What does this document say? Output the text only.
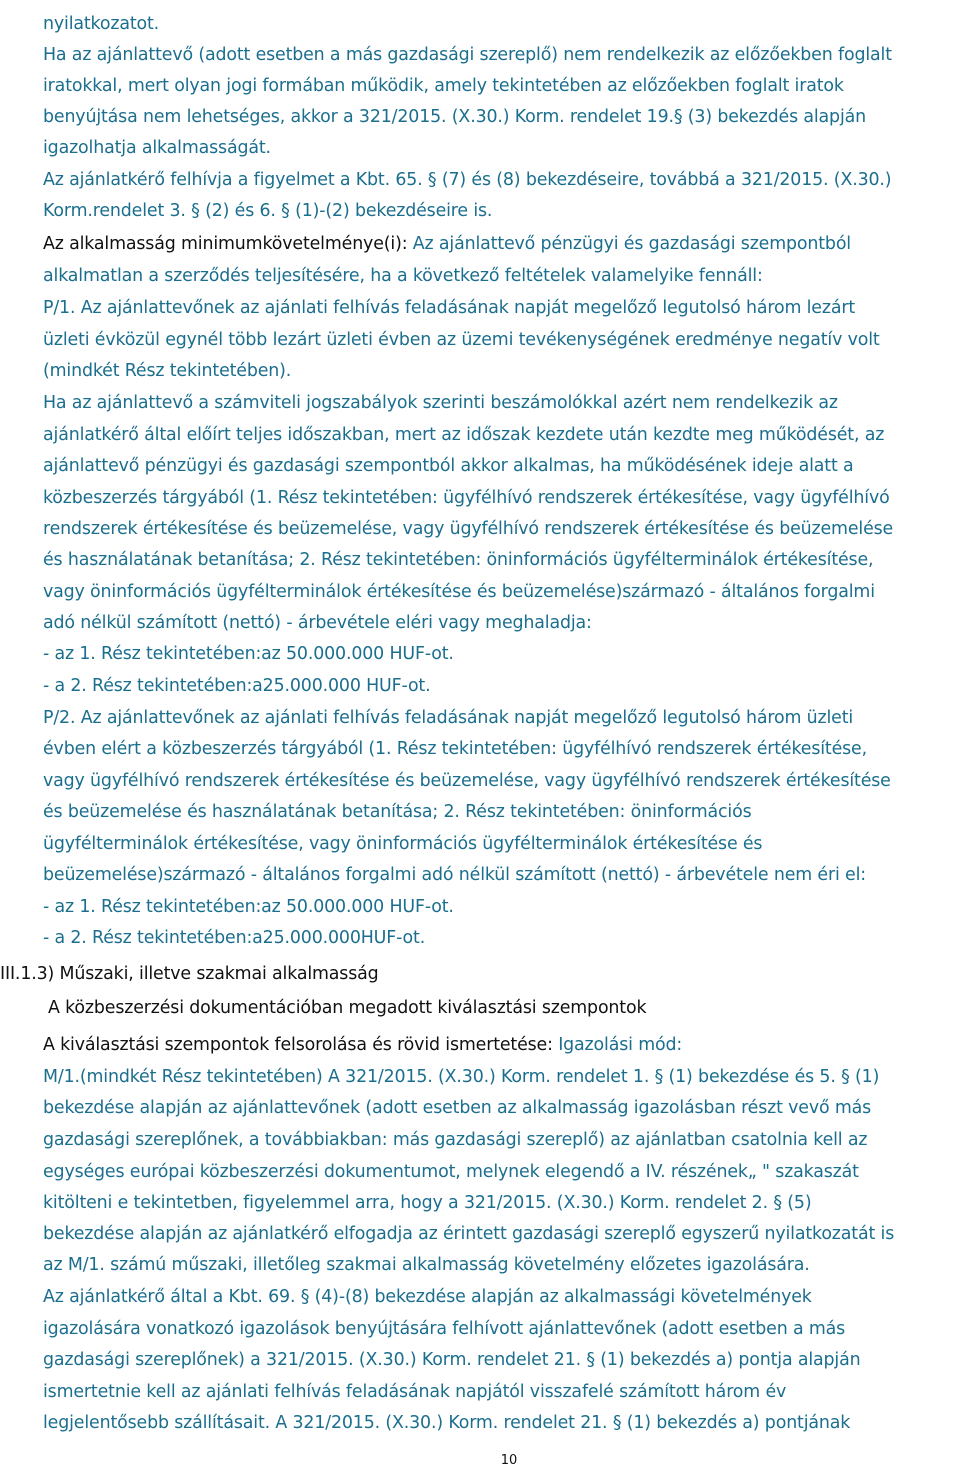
nyilatkozatot.
Ha az ajánlattevő (adott esetben a más gazdasági szereplő) nem rendelkezik az előzőekben foglalt
iratokkal, mert olyan jogi formában működik, amely tekintetében az előzőekben foglalt iratok
benyújtása nem lehetséges, akkor a 321/2015. (X.30.) Korm. rendelet 19.§ (3) bekezdés alapján
igazolhatja alkalmasságát.
Az ajánlatkérő felhívja a figyelmet a Kbt. 65. § (7) és (8) bekezdéseire, továbbá a 321/2015. (X.30.)
Korm.rendelet 3. § (2) és 6. § (1)-(2) bekezdéseire is.
Az alkalmasság minimumkövetelménye(i): Az ajánlattevő pénzügyi és gazdasági szempontból
alkalmatlan a szerződés teljesítésére, ha a következő feltételek valamelyike fennáll:
P/1. Az ajánlattevőnek az ajánlati felhívás feladásának napját megelőző legutolsó három lezárt
üzleti évközül egynél több lezárt üzleti évben az üzemi tevékenységének eredménye negatív volt
(mindkét Rész tekintetében).
Ha az ajánlattevő a számviteli jogszabályok szerinti beszámolókkal azért nem rendelkezik az
ajánlatkérő által előírt teljes időszakban, mert az időszak kezdete után kezdte meg működését, az
ajánlattevő pénzügyi és gazdasági szempontból akkor alkalmas, ha működésének ideje alatt a
közbeszerzés tárgyából (1. Rész tekintetében: ügyfélhívó rendszerek értékesítése, vagy ügyfélhívó
rendszerek értékesítése és beüzemelése, vagy ügyfélhívó rendszerek értékesítése és beüzemelése
és használatának betanítása; 2. Rész tekintetében: öninformációs ügyfélterminálok értékesítése,
vagy öninformációs ügyfélterminálok értékesítése és beüzemelése)származó - általános forgalmi
adó nélkül számított (nettó) - árbevétele eléri vagy meghaladja:
- az 1. Rész tekintetében:az 50.000.000 HUF-ot.
- a 2. Rész tekintetében:a25.000.000 HUF-ot.
P/2. Az ajánlattevőnek az ajánlati felhívás feladásának napját megelőző legutolsó három üzleti
évben elért a közbeszerzés tárgyából (1. Rész tekintetében: ügyfélhívó rendszerek értékesítése,
vagy ügyfélhívó rendszerek értékesítése és beüzemelése, vagy ügyfélhívó rendszerek értékesítése
és beüzemelése és használatának betanítása; 2. Rész tekintetében: öninformációs
ügyfélterminálok értékesítése, vagy öninformációs ügyfélterminálok értékesítése és
beüzemelése)származó - általános forgalmi adó nélkül számított (nettó) - árbevétele nem éri el:
- az 1. Rész tekintetében:az 50.000.000 HUF-ot.
- a 2. Rész tekintetében:a25.000.000HUF-ot.
III.1.3) Műszaki, illetve szakmai alkalmasság
A közbeszerzési dokumentációban megadott kiválasztási szempontok
A kiválasztási szempontok felsorolása és rövid ismertetése: Igazolási mód:
M/1.(mindkét Rész tekintetében) A 321/2015. (X.30.) Korm. rendelet 1. § (1) bekezdése és 5. § (1)
bekezdése alapján az ajánlattevőnek (adott esetben az alkalmasság igazolásban részt vevő más
gazdasági szereplőnek, a továbbiakban: más gazdasági szereplő) az ajánlatban csatolnia kell az
egységes európai közbeszerzési dokumentumot, melynek elegendő a IV. részének„ " szakaszát
kitölteni e tekintetben, figyelemmel arra, hogy a 321/2015. (X.30.) Korm. rendelet 2. § (5)
bekezdése alapján az ajánlatkérő elfogadja az érintett gazdasági szereplő egyszerű nyilatkozatát is
az M/1. számú műszaki, illetőleg szakmai alkalmasság követelmény előzetes igazolására.
Az ajánlatkérő által a Kbt. 69. § (4)-(8) bekezdése alapján az alkalmassági követelmények
igazolására vonatkozó igazolások benyújtására felhívott ajánlattevőnek (adott esetben a más
gazdasági szereplőnek) a 321/2015. (X.30.) Korm. rendelet 21. § (1) bekezdés a) pontja alapján
ismertetnie kell az ajánlati felhívás feladásának napjától visszafelé számított három év
legjelentősebb szállításait. A 321/2015. (X.30.) Korm. rendelet 21. § (1) bekezdés a) pontjának
10
